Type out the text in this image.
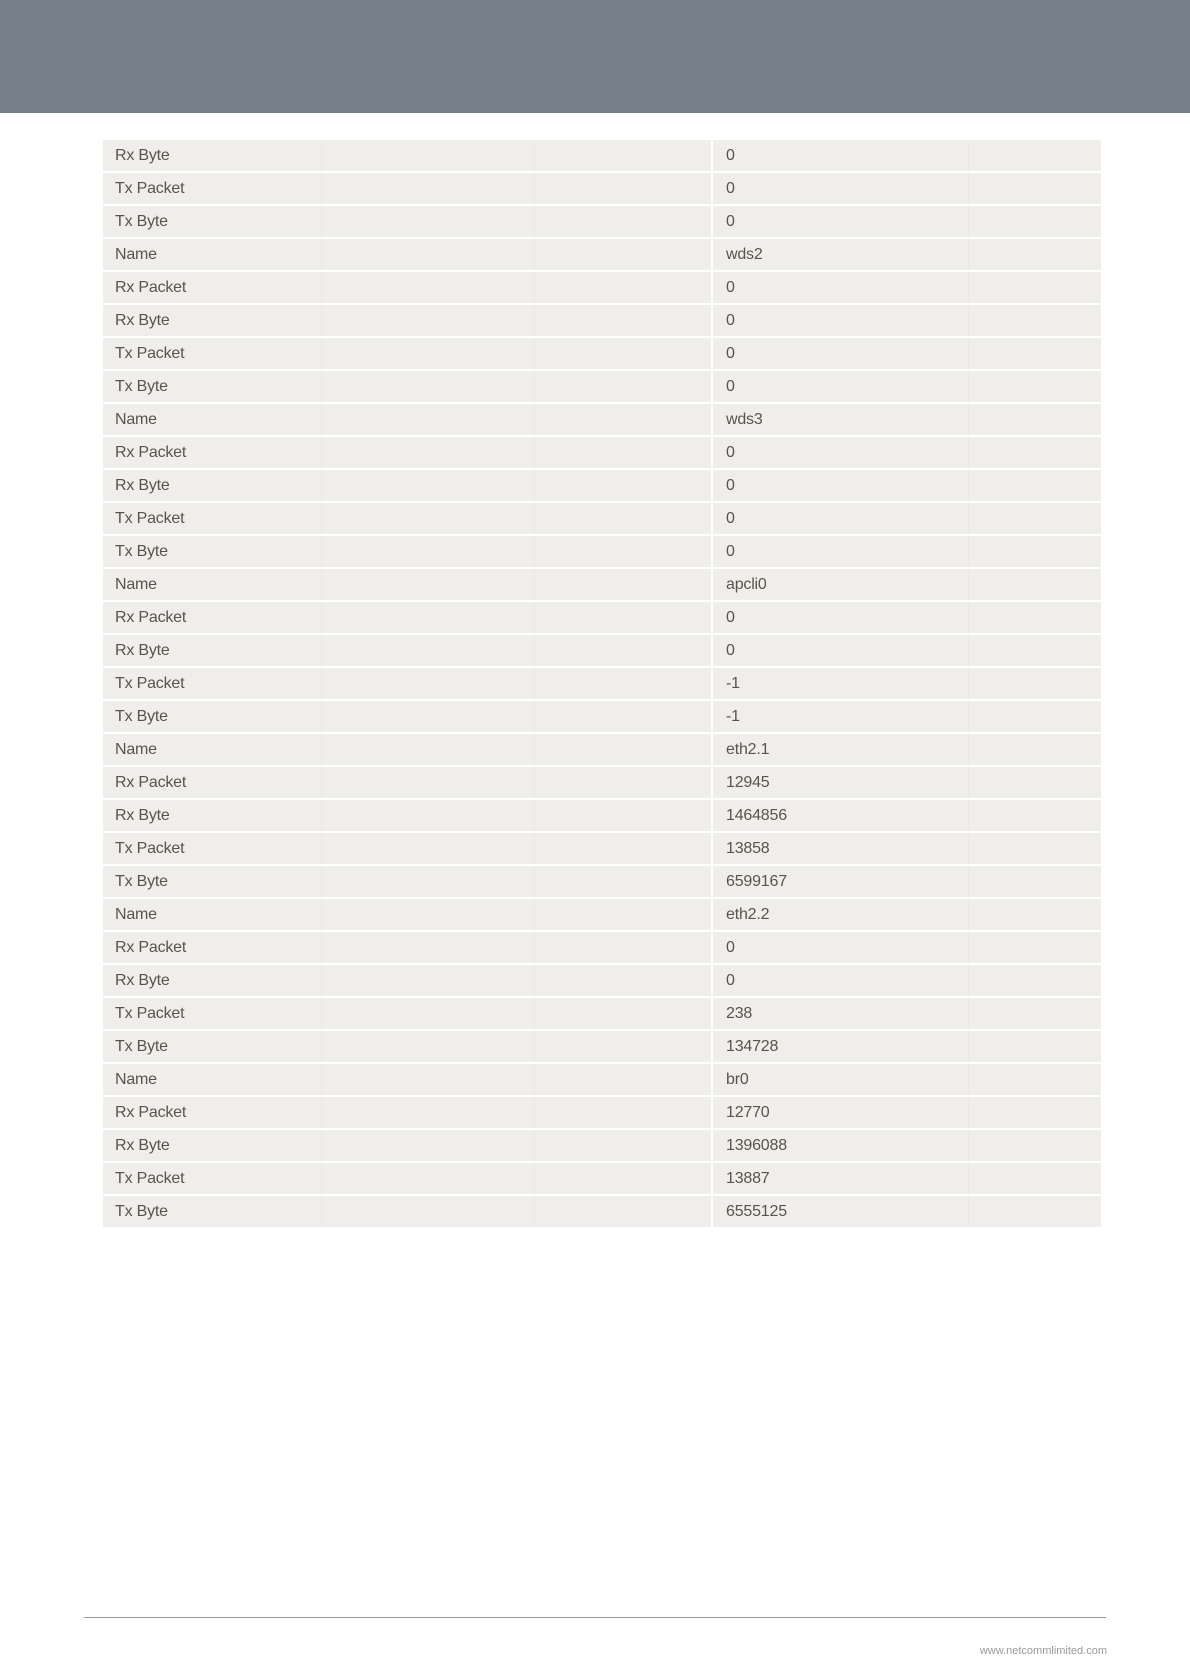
Rx Byte	0
Tx Packet	0
Tx Byte	0
Name	wds2
Rx Packet	0
Rx Byte	0
Tx Packet	0
Tx Byte	0
Name	wds3
Rx Packet	0
Rx Byte	0
Tx Packet	0
Tx Byte	0
Name	apcli0
Rx Packet	0
Rx Byte	0
Tx Packet	-1
Tx Byte	-1
Name	eth2.1
Rx Packet	12945
Rx Byte	1464856
Tx Packet	13858
Tx Byte	6599167
Name	eth2.2
Rx Packet	0
Rx Byte	0
Tx Packet	238
Tx Byte	134728
Name	br0
Rx Packet	12770
Rx Byte	1396088
Tx Packet	13887
Tx Byte	6555125
www.netcommlimited.com
